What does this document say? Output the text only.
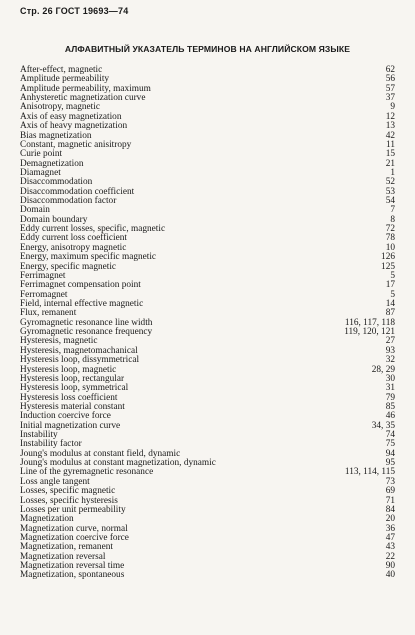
Стр. 26 ГОСТ 19693—74
АЛФАВИТНЫЙ УКАЗАТЕЛЬ ТЕРМИНОВ НА АНГЛИЙСКОМ ЯЗЫКЕ
After-effect, magnetic	62
Amplitude permeability	56
Amplitude permeability, maximum	57
Anhysteretic magnetization curve	37
Anisotropy, magnetic	9
Axis of easy magnetization	12
Axis of heavy magnetization	13
Bias magnetization	42
Constant, magnetic anisitropy	11
Curie point	15
Demagnetization	21
Diamagnet	1
Disaccommodation	52
Disaccommodation coefficient	53
Disaccommodation factor	54
Domain	7
Domain boundary	8
Eddy current losses, specific, magnetic	72
Eddy current loss coefficient	78
Energy, anisotropy magnetic	10
Energy, maximum specific magnetic	126
Energy, specific magnetic	125
Ferrimagnet	5
Ferrimagnet compensation point	17
Ferromagnet	5
Field, internal effective magnetic	14
Flux, remanent	87
Gyromagnetic resonance line width	116, 117, 118
Gyromagnetic resonance frequency	119, 120, 121
Hysteresis, magnetic	27
Hysteresis, magnetomachanical	93
Hysteresis loop, dissymmetrical	32
Hysteresis loop, magnetic	28, 29
Hysteresis loop, rectangular	30
Hysteresis loop, symmetrical	31
Hysteresis loss coefficient	79
Hysteresis material constant	85
Induction coercive force	46
Initial magnetization curve	34, 35
Instability	74
Instability factor	75
Joung's modulus at constant field, dynamic	94
Joung's modulus at constant magnetization, dynamic	95
Line of the gyremagnetic resonance	113, 114, 115
Loss angle tangent	73
Losses, specific magnetic	69
Losses, specific hysteresis	71
Losses per unit permeability	84
Magnetization	20
Magnetization curve, normal	36
Magnetization coercive force	47
Magnetization, remanent	43
Magnetization reversal	22
Magnetization reversal time	90
Magnetization, spontaneous	40
